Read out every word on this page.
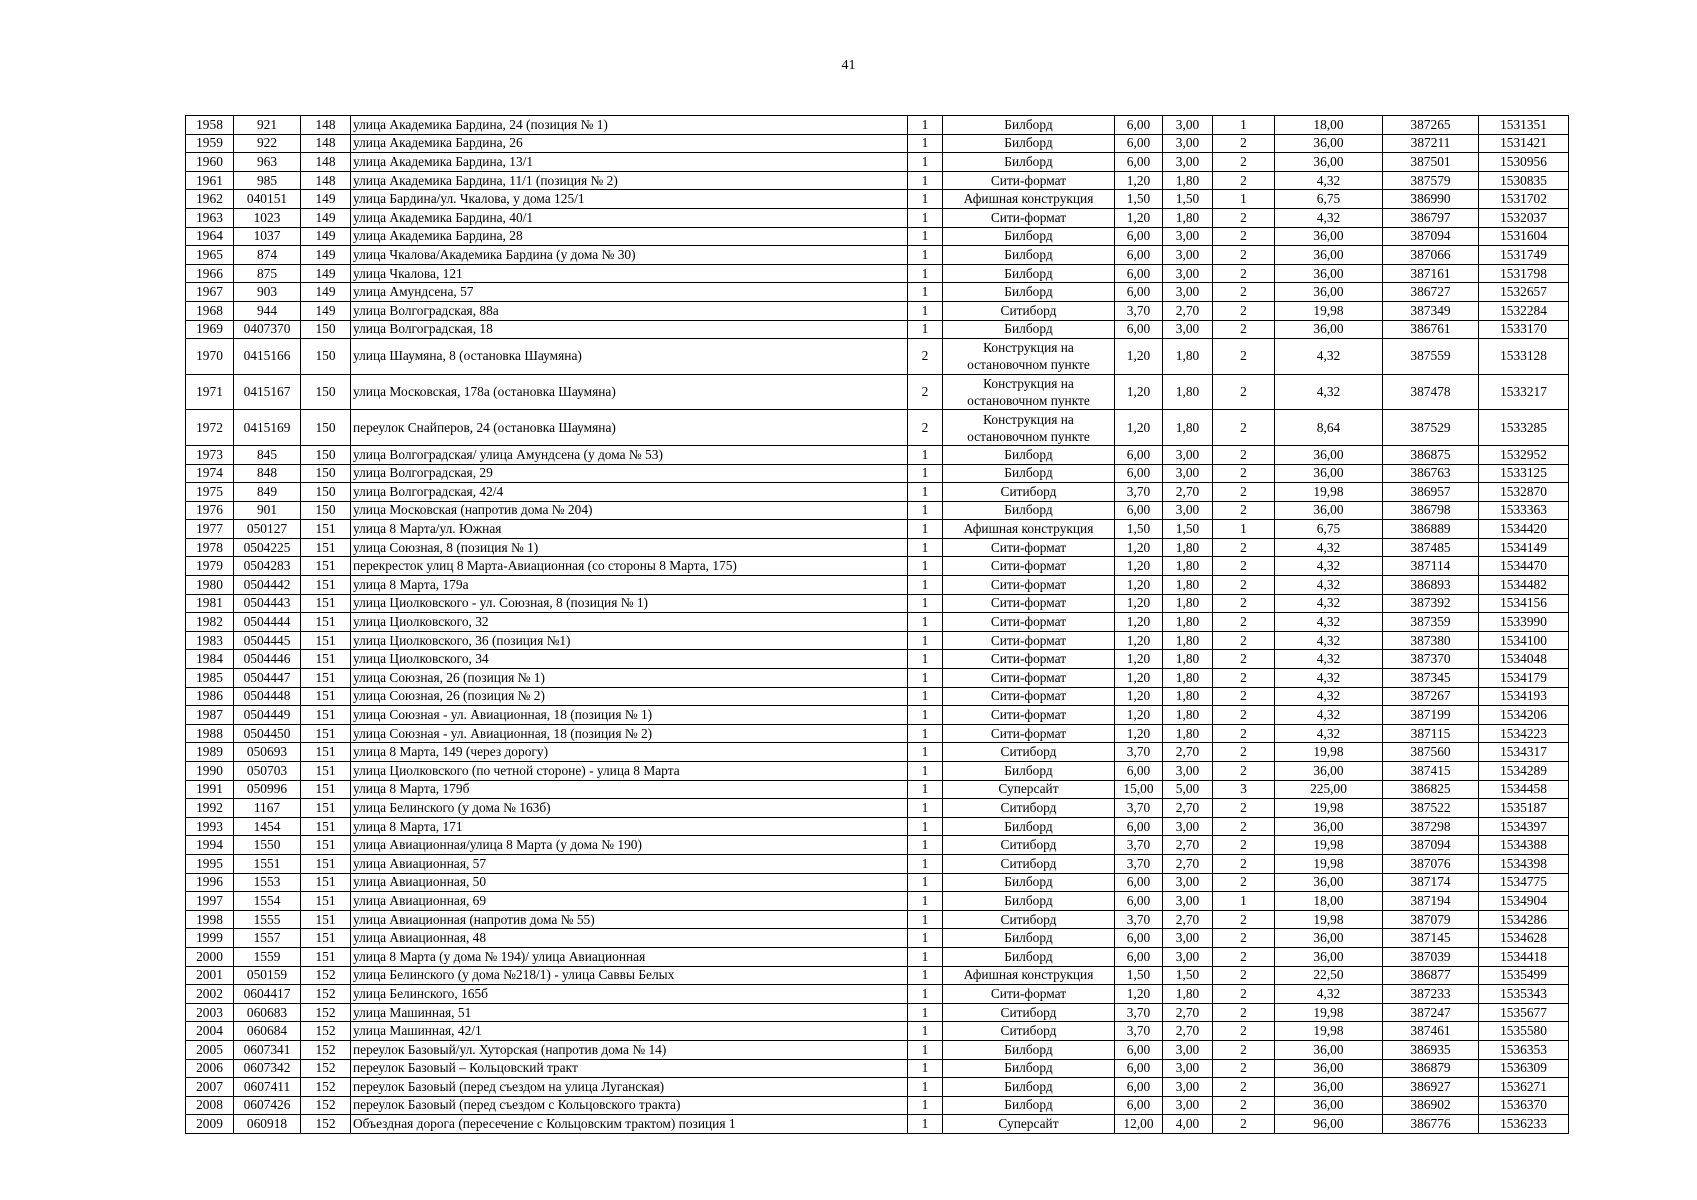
41
1958	921	148	улица Академика Бардина, 24 (позиция № 1)	1	Билборд	6,00	3,00	1	18,00	387265	1531351
1959	922	148	улица Академика Бардина, 26	1	Билборд	6,00	3,00	2	36,00	387211	1531421
1960	963	148	улица Академика Бардина, 13/1	1	Билборд	6,00	3,00	2	36,00	387501	1530956
1961	985	148	улица Академика Бардина, 11/1 (позиция № 2)	1	Сити-формат	1,20	1,80	2	4,32	387579	1530835
1962	040151	149	улица Бардина/ул. Чкалова, у дома 125/1	1	Афишная конструкция	1,50	1,50	1	6,75	386990	1531702
1963	1023	149	улица Академика Бардина, 40/1	1	Сити-формат	1,20	1,80	2	4,32	386797	1532037
1964	1037	149	улица Академика Бардина, 28	1	Билборд	6,00	3,00	2	36,00	387094	1531604
1965	874	149	улица Чкалова/Академика Бардина (у дома № 30)	1	Билборд	6,00	3,00	2	36,00	387066	1531749
1966	875	149	улица Чкалова, 121	1	Билборд	6,00	3,00	2	36,00	387161	1531798
1967	903	149	улица Амундсена, 57	1	Билборд	6,00	3,00	2	36,00	386727	1532657
1968	944	149	улица Волгоградская, 88а	1	Ситиборд	3,70	2,70	2	19,98	387349	1532284
1969	0407370	150	улица Волгоградская, 18	1	Билборд	6,00	3,00	2	36,00	386761	1533170
1970	0415166	150	улица Шаумяна, 8 (остановка Шаумяна)	2	Конструкция на остановочном пункте	1,20	1,80	2	4,32	387559	1533128
1971	0415167	150	улица Московская, 178а (остановка Шаумяна)	2	Конструкция на остановочном пункте	1,20	1,80	2	4,32	387478	1533217
1972	0415169	150	переулок Снайперов, 24 (остановка Шаумяна)	2	Конструкция на остановочном пункте	1,20	1,80	2	8,64	387529	1533285
1973	845	150	улица Волгоградская/ улица Амундсена (у дома № 53)	1	Билборд	6,00	3,00	2	36,00	386875	1532952
1974	848	150	улица Волгоградская, 29	1	Билборд	6,00	3,00	2	36,00	386763	1533125
1975	849	150	улица Волгоградская, 42/4	1	Ситиборд	3,70	2,70	2	19,98	386957	1532870
1976	901	150	улица Московская (напротив дома № 204)	1	Билборд	6,00	3,00	2	36,00	386798	1533363
1977	050127	151	улица 8 Марта/ул. Южная	1	Афишная конструкция	1,50	1,50	1	6,75	386889	1534420
1978	0504225	151	улица Союзная, 8 (позиция № 1)	1	Сити-формат	1,20	1,80	2	4,32	387485	1534149
1979	0504283	151	перекресток улиц 8 Марта-Авиационная (со стороны 8 Марта, 175)	1	Сити-формат	1,20	1,80	2	4,32	387114	1534470
1980	0504442	151	улица 8 Марта, 179а	1	Сити-формат	1,20	1,80	2	4,32	386893	1534482
1981	0504443	151	улица Циолковского - ул. Союзная, 8 (позиция № 1)	1	Сити-формат	1,20	1,80	2	4,32	387392	1534156
1982	0504444	151	улица Циолковского, 32	1	Сити-формат	1,20	1,80	2	4,32	387359	1533990
1983	0504445	151	улица Циолковского, 36 (позиция №1)	1	Сити-формат	1,20	1,80	2	4,32	387380	1534100
1984	0504446	151	улица Циолковского, 34	1	Сити-формат	1,20	1,80	2	4,32	387370	1534048
1985	0504447	151	улица Союзная, 26 (позиция № 1)	1	Сити-формат	1,20	1,80	2	4,32	387345	1534179
1986	0504448	151	улица Союзная, 26 (позиция № 2)	1	Сити-формат	1,20	1,80	2	4,32	387267	1534193
1987	0504449	151	улица Союзная - ул. Авиационная, 18 (позиция № 1)	1	Сити-формат	1,20	1,80	2	4,32	387199	1534206
1988	0504450	151	улица Союзная - ул. Авиационная, 18 (позиция № 2)	1	Сити-формат	1,20	1,80	2	4,32	387115	1534223
1989	050693	151	улица 8 Марта, 149 (через дорогу)	1	Ситиборд	3,70	2,70	2	19,98	387560	1534317
1990	050703	151	улица Циолковского (по четной стороне) - улица 8 Марта	1	Билборд	6,00	3,00	2	36,00	387415	1534289
1991	050996	151	улица 8 Марта, 179б	1	Суперсайт	15,00	5,00	3	225,00	386825	1534458
1992	1167	151	улица Белинского (у дома № 163б)	1	Ситиборд	3,70	2,70	2	19,98	387522	1535187
1993	1454	151	улица 8 Марта, 171	1	Билборд	6,00	3,00	2	36,00	387298	1534397
1994	1550	151	улица Авиационная/улица 8 Марта (у дома № 190)	1	Ситиборд	3,70	2,70	2	19,98	387094	1534388
1995	1551	151	улица Авиационная, 57	1	Ситиборд	3,70	2,70	2	19,98	387076	1534398
1996	1553	151	улица Авиационная, 50	1	Билборд	6,00	3,00	2	36,00	387174	1534775
1997	1554	151	улица Авиационная, 69	1	Билборд	6,00	3,00	1	18,00	387194	1534904
1998	1555	151	улица Авиационная (напротив дома № 55)	1	Ситиборд	3,70	2,70	2	19,98	387079	1534286
1999	1557	151	улица Авиационная, 48	1	Билборд	6,00	3,00	2	36,00	387145	1534628
2000	1559	151	улица 8 Марта (у дома № 194)/ улица Авиационная	1	Билборд	6,00	3,00	2	36,00	387039	1534418
2001	050159	152	улица Белинского (у дома №218/1) - улица Саввы Белых	1	Афишная конструкция	1,50	1,50	2	22,50	386877	1535499
2002	0604417	152	улица Белинского, 165б	1	Сити-формат	1,20	1,80	2	4,32	387233	1535343
2003	060683	152	улица Машинная, 51	1	Ситиборд	3,70	2,70	2	19,98	387247	1535677
2004	060684	152	улица Машинная, 42/1	1	Ситиборд	3,70	2,70	2	19,98	387461	1535580
2005	0607341	152	переулок Базовый/ул. Хуторская (напротив дома № 14)	1	Билборд	6,00	3,00	2	36,00	386935	1536353
2006	0607342	152	переулок Базовый – Кольцовский тракт	1	Билборд	6,00	3,00	2	36,00	386879	1536309
2007	0607411	152	переулок Базовый (перед съездом на улица Луганская)	1	Билборд	6,00	3,00	2	36,00	386927	1536271
2008	0607426	152	переулок Базовый (перед съездом с Кольцовского тракта)	1	Билборд	6,00	3,00	2	36,00	386902	1536370
2009	060918	152	Объездная дорога (пересечение с Кольцовским трактом) позиция 1	1	Суперсайт	12,00	4,00	2	96,00	386776	1536233
